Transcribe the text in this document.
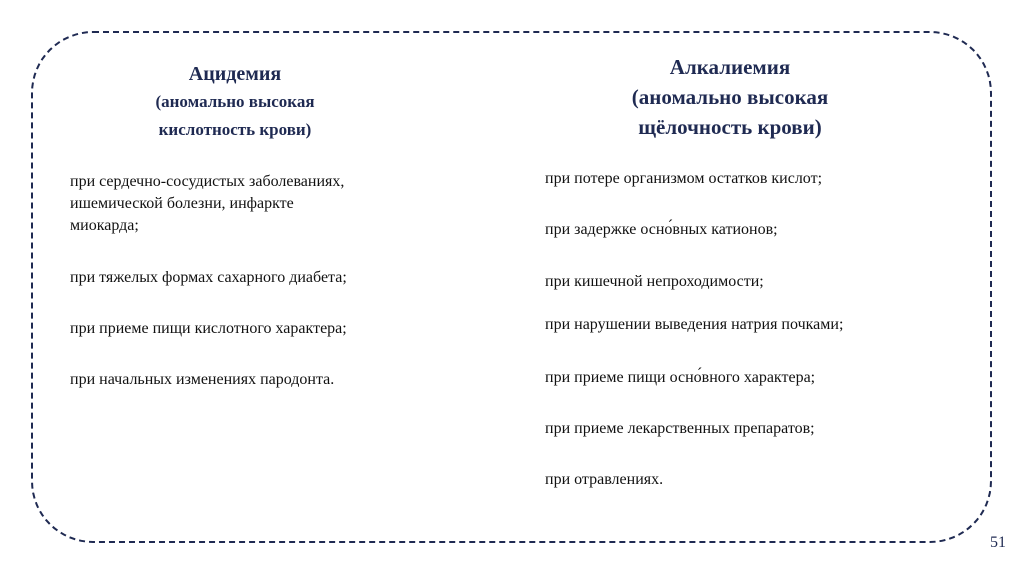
Ацидемия
(аномально высокая
кислотность крови)
Алкалиемия
(аномально высокая
щёлочность крови)
при сердечно-сосудистых заболеваниях,
ишемической болезни, инфаркте
миокарда;
при тяжелых формах сахарного диабета;
при приеме пищи кислотного характера;
при начальных изменениях пародонта.
при потере организмом остатков кислот;
при задержке осно́вных катионов;
при кишечной непроходимости;
при нарушении выведения натрия почками;
при приеме пищи осно́вного характера;
при приеме лекарственных препаратов;
при отравлениях.
51
